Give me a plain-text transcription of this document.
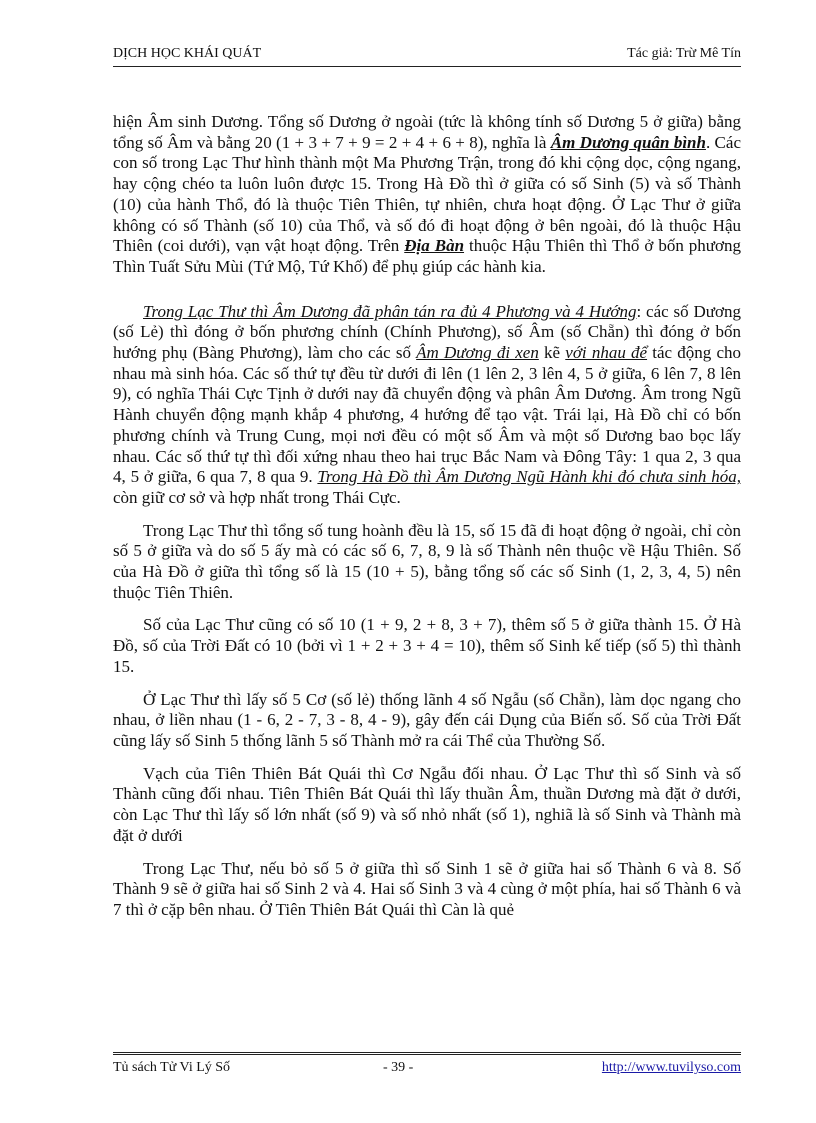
DỊCH HỌC KHÁI QUÁT	Tác giả: Trừ Mê Tín

hiện Âm sinh Dương. Tổng số Dương ở ngoài (tức là không tính số Dương 5 ở giữa) bằng tổng số Âm và bằng 20 (1 + 3 + 7 + 9 = 2 + 4 + 6 + 8), nghĩa là Âm Dương quân bình. Các con số trong Lạc Thư hình thành một Ma Phương Trận, trong đó khi cộng dọc, cộng ngang, hay cộng chéo ta luôn luôn được 15. Trong Hà Đồ thì ở giữa có số Sinh (5) và số Thành (10) của hành Thổ, đó là thuộc Tiên Thiên, tự nhiên, chưa hoạt động. Ở Lạc Thư ở giữa không có số Thành (số 10) của Thổ, và số đó đi hoạt động ở bên ngoài, đó là thuộc Hậu Thiên (coi dưới), vạn vật hoạt động. Trên Địa Bàn thuộc Hậu Thiên thì Thổ ở bốn phương Thìn Tuất Sửu Mùi (Tứ Mộ, Tứ Khố) để phụ giúp các hành kia.

Trong Lạc Thư thì Âm Dương đã phân tán ra đủ 4 Phương và 4 Hướng: các số Dương (số Lẻ) thì đóng ở bốn phương chính (Chính Phương), số Âm (số Chẵn) thì đóng ở bốn hướng phụ (Bàng Phương), làm cho các số Âm Dương đi xen kẽ với nhau để tác động cho nhau mà sinh hóa. Các số thứ tự đều từ dưới đi lên (1 lên 2, 3 lên 4, 5 ở giữa, 6 lên 7, 8 lên 9), có nghĩa Thái Cực Tịnh ở dưới nay đã chuyển động và phân Âm Dương. Âm trong Ngũ Hành chuyển động mạnh khắp 4 phương, 4 hướng để tạo vật. Trái lại, Hà Đồ chỉ có bốn phương chính và Trung Cung, mọi nơi đều có một số Âm và một số Dương bao bọc lấy nhau. Các số thứ tự thì đối xứng nhau theo hai trục Bắc Nam và Đông Tây: 1 qua 2, 3 qua 4, 5 ở giữa, 6 qua 7, 8 qua 9. Trong Hà Đồ thì Âm Dương Ngũ Hành khi đó chưa sinh hóa, còn giữ cơ sở và hợp nhất trong Thái Cực.

Trong Lạc Thư thì tổng số tung hoành đều là 15, số 15 đã đi hoạt động ở ngoài, chỉ còn số 5 ở giữa và do số 5 ấy mà có các số 6, 7, 8, 9 là số Thành nên thuộc về Hậu Thiên. Số của Hà Đồ ở giữa thì tổng số là 15 (10 + 5), bằng tổng số các số Sinh (1, 2, 3, 4, 5) nên thuộc Tiên Thiên.

Số của Lạc Thư cũng có số 10 (1 + 9, 2 + 8, 3 + 7), thêm số 5 ở giữa thành 15. Ở Hà Đồ, số của Trời Đất có 10 (bởi vì 1 + 2 + 3 + 4 = 10), thêm số Sinh kế tiếp (số 5) thì thành 15.

Ở Lạc Thư thì lấy số 5 Cơ (số lẻ) thống lãnh 4 số Ngẫu (số Chẵn), làm dọc ngang cho nhau, ở liền nhau (1 - 6, 2 - 7, 3 - 8, 4 - 9), gây đến cái Dụng của Biến số. Số của Trời Đất cũng lấy số Sinh 5 thống lãnh 5 số Thành mở ra cái Thể của Thường Số.

Vạch của Tiên Thiên Bát Quái thì Cơ Ngẫu đối nhau. Ở Lạc Thư thì số Sinh và số Thành cũng đối nhau. Tiên Thiên Bát Quái thì lấy thuần Âm, thuần Dương mà đặt ở dưới, còn Lạc Thư thì lấy số lớn nhất (số 9) và số nhỏ nhất (số 1), nghiã là số Sinh và Thành mà đặt ở dưới

Trong Lạc Thư, nếu bỏ số 5 ở giữa thì số Sinh 1 sẽ ở giữa hai số Thành 6 và 8. Số Thành 9 sẽ ở giữa hai số Sinh 2 và 4. Hai số Sinh 3 và 4 cùng ở một phía, hai số Thành 6 và 7 thì ở cặp bên nhau. Ở Tiên Thiên Bát Quái thì Càn là quẻ

Tủ sách Tử Vi Lý Số	- 39 -	http://www.tuvilyso.com
